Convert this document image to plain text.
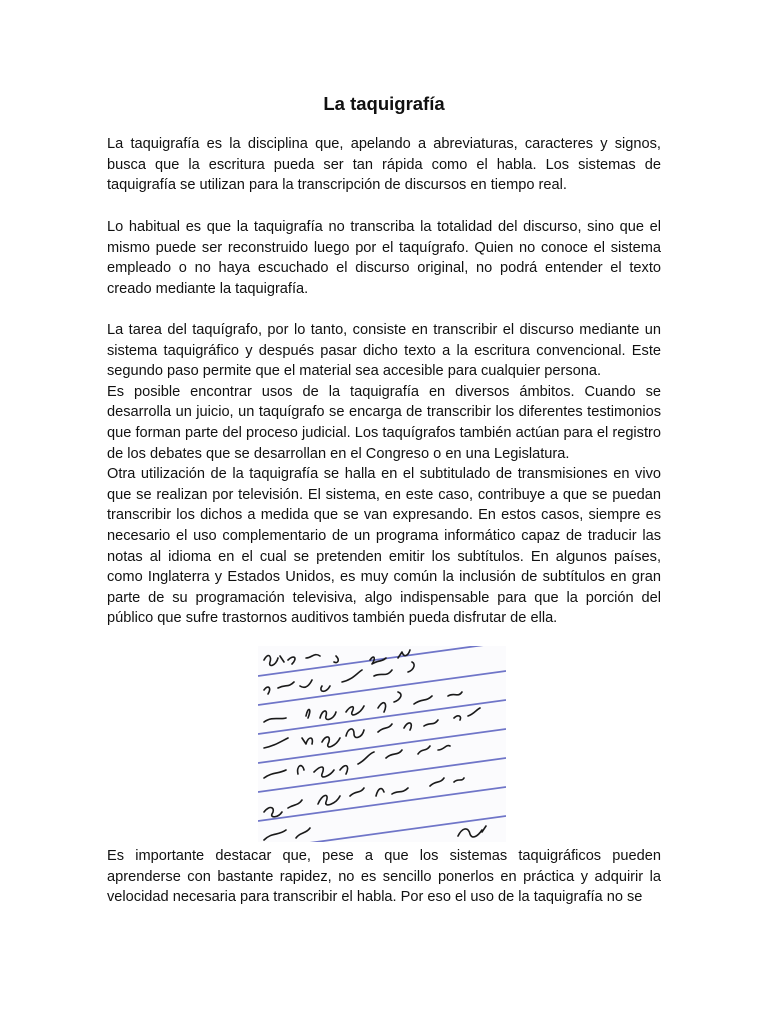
La taquigrafía

La taquigrafía es la disciplina que, apelando a abreviaturas, caracteres y signos, busca que la escritura pueda ser tan rápida como el habla. Los sistemas de taquigrafía se utilizan para la transcripción de discursos en tiempo real.

Lo habitual es que la taquigrafía no transcriba la totalidad del discurso, sino que el mismo puede ser reconstruido luego por el taquígrafo. Quien no conoce el sistema empleado o no haya escuchado el discurso original, no podrá entender el texto creado mediante la taquigrafía.

La tarea del taquígrafo, por lo tanto, consiste en transcribir el discurso mediante un sistema taquigráfico y después pasar dicho texto a la escritura convencional. Este segundo paso permite que el material sea accesible para cualquier persona.

Es posible encontrar usos de la taquigrafía en diversos ámbitos. Cuando se desarrolla un juicio, un taquígrafo se encarga de transcribir los diferentes testimonios que forman parte del proceso judicial. Los taquígrafos también actúan para el registro de los debates que se desarrollan en el Congreso o en una Legislatura.

Otra utilización de la taquigrafía se halla en el subtitulado de transmisiones en vivo que se realizan por televisión. El sistema, en este caso, contribuye a que se puedan transcribir los dichos a medida que se van expresando. En estos casos, siempre es necesario el uso complementario de un programa informático capaz de traducir las notas al idioma en el cual se pretenden emitir los subtítulos. En algunos países, como Inglaterra y Estados Unidos, es muy común la inclusión de subtítulos en gran parte de su programación televisiva, algo indispensable para que la porción del público que sufre trastornos auditivos también pueda disfrutar de ella.

Es importante destacar que, pese a que los sistemas taquigráficos pueden aprenderse con bastante rapidez, no es sencillo ponerlos en práctica y adquirir la velocidad necesaria para transcribir el habla. Por eso el uso de la taquigrafía no se
